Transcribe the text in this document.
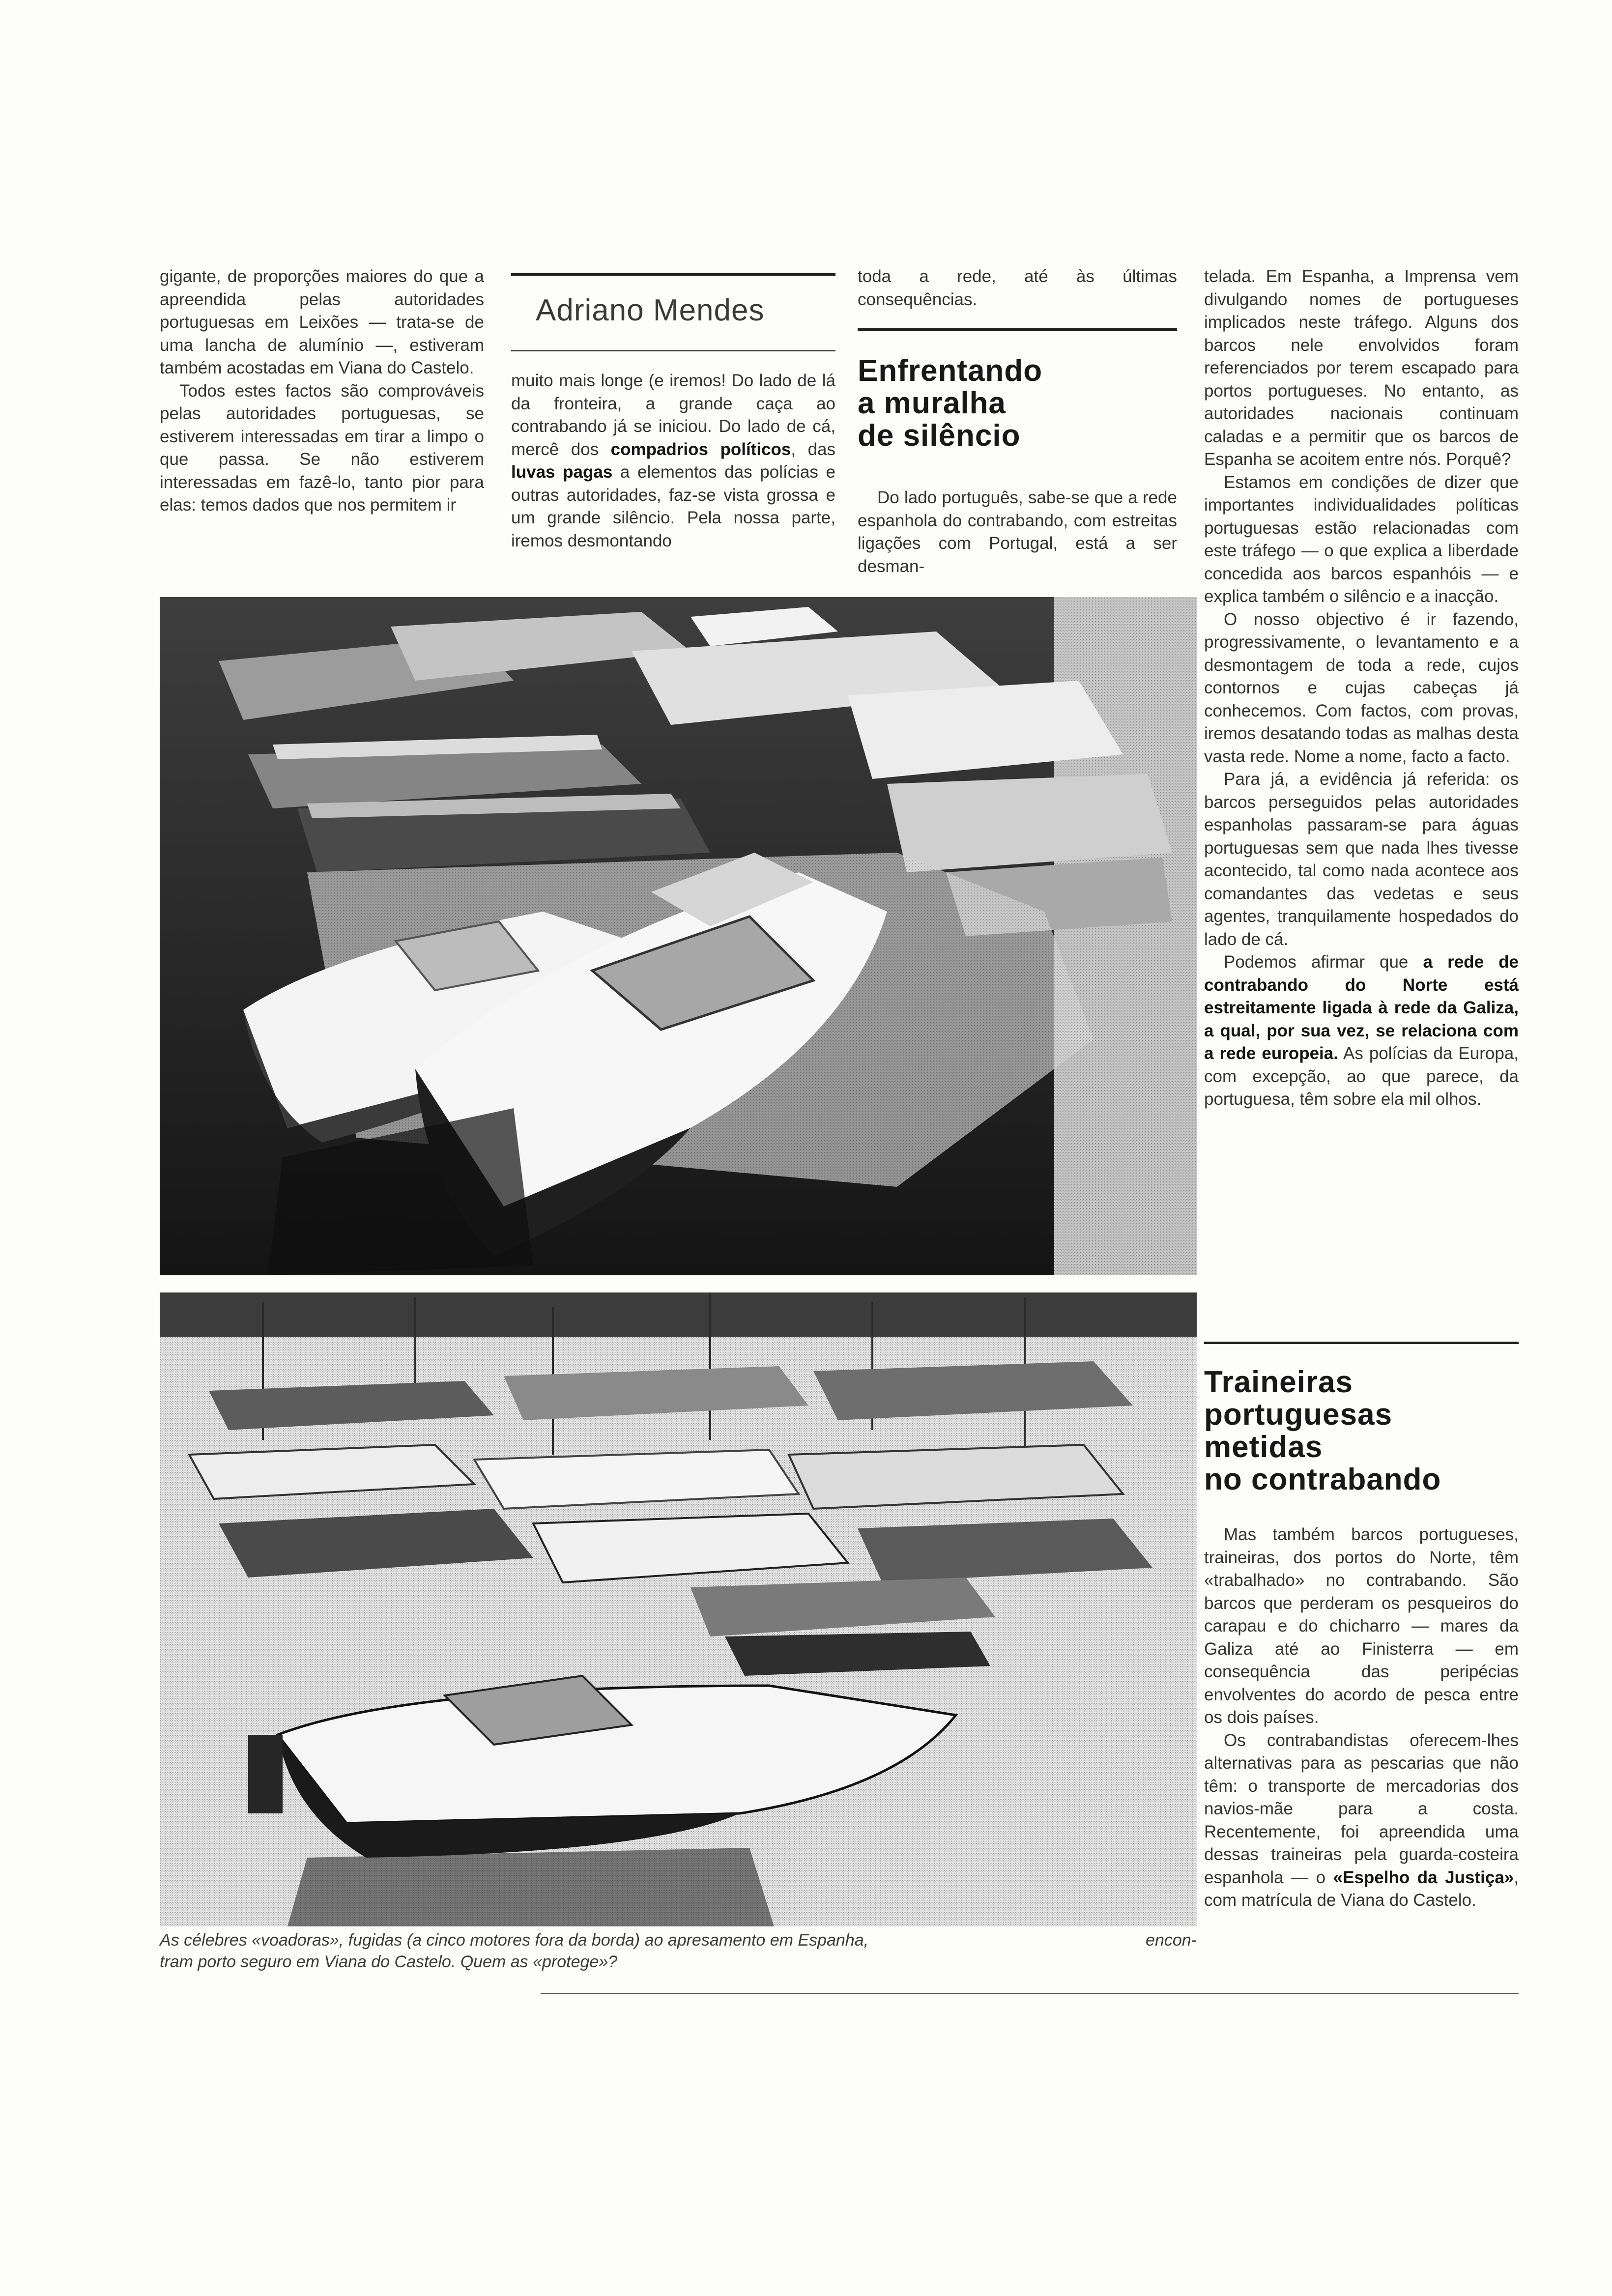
gigante, de proporções maiores do que a apreendida pelas autoridades portuguesas em Leixões — trata-se de uma lancha de alumínio —, estiveram também acostadas em Viana do Castelo.

Todos estes factos são comprováveis pelas autoridades portuguesas, se estiverem interessadas em tirar a limpo o que passa. Se não estiverem interessadas em fazê-lo, tanto pior para elas: temos dados que nos permitem ir

Adriano Mendes

muito mais longe (e iremos! Do lado de lá da fronteira, a grande caça ao contrabando já se iniciou. Do lado de cá, mercê dos compadrios políticos, das luvas pagas a elementos das polícias e outras autoridades, faz-se vista grossa e um grande silêncio. Pela nossa parte, iremos desmontando

toda a rede, até às últimas consequências.

Enfrentando
a muralha
de silêncio

Do lado português, sabe-se que a rede espanhola do contrabando, com estreitas ligações com Portugal, está a ser desman-

telada. Em Espanha, a Imprensa vem divulgando nomes de portugueses implicados neste tráfego. Alguns dos barcos nele envolvidos foram referenciados por terem escapado para portos portugueses. No entanto, as autoridades nacionais continuam caladas e a permitir que os barcos de Espanha se acoitem entre nós. Porquê?

Estamos em condições de dizer que importantes individualidades políticas portuguesas estão relacionadas com este tráfego — o que explica a liberdade concedida aos barcos espanhóis — e explica também o silêncio e a inacção.

O nosso objectivo é ir fazendo, progressivamente, o levantamento e a desmontagem de toda a rede, cujos contornos e cujas cabeças já conhecemos. Com factos, com provas, iremos desatando todas as malhas desta vasta rede. Nome a nome, facto a facto.

Para já, a evidência já referida: os barcos perseguidos pelas autoridades espanholas passaram-se para águas portuguesas sem que nada lhes tivesse acontecido, tal como nada acontece aos comandantes das vedetas e seus agentes, tranquilamente hospedados do lado de cá.

Podemos afirmar que a rede de contrabando do Norte está estreitamente ligada à rede da Galiza, a qual, por sua vez, se relaciona com a rede europeia. As polícias da Europa, com excepção, ao que parece, da portuguesa, têm sobre ela mil olhos.

Traineiras
portuguesas
metidas
no contrabando

Mas também barcos portugueses, traineiras, dos portos do Norte, têm «trabalhado» no contrabando. São barcos que perderam os pesqueiros do carapau e do chicharro — mares da Galiza até ao Finisterra — em consequência das peripécias envolventes do acordo de pesca entre os dois países.

Os contrabandistas oferecem-lhes alternativas para as pescarias que não têm: o transporte de mercadorias dos navios-mãe para a costa. Recentemente, foi apreendida uma dessas traineiras pela guarda-costeira espanhola — o «Espelho da Justiça», com matrícula de Viana do Castelo.

As célebres «voadoras», fugidas (a cinco motores fora da borda) ao apresamento em Espanha,	encon-
tram porto seguro em Viana do Castelo. Quem as «protege»?
